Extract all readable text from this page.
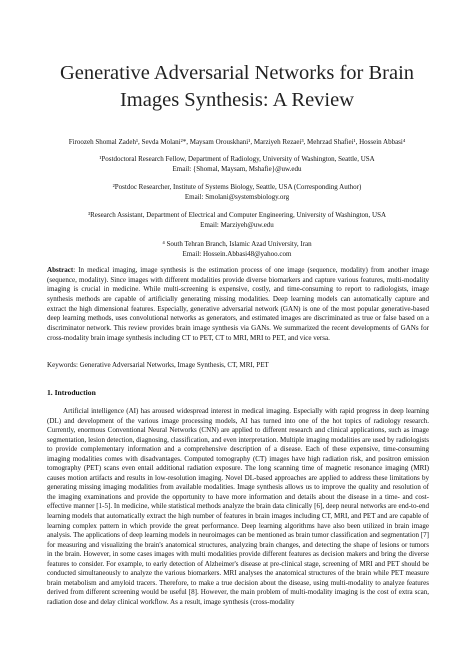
Generative Adversarial Networks for Brain
Images Synthesis: A Review
Firoozeh Shomal Zadeh¹, Sevda Molani²*, Maysam Orouskhani¹, Marziyeh Rezaei³, Mehrzad Shafiei¹, Hossein Abbasi⁴
¹Postdoctoral Research Fellow, Department of Radiology, University of Washington, Seattle, USA
Email: {Shomal, Maysam, Mshafie}@uw.edu
²Postdoc Researcher, Institute of Systems Biology, Seattle, USA (Corresponding Author)
Email: Smolani@systemsbiology.org
³Research Assistant, Department of Electrical and Computer Engineering, University of Washington, USA
Email: Marziyeh@uw.edu
⁴ South Tehran Branch, Islamic Azad University, Iran
Email: Hossein.Abbasi48@yahoo.com
Abstract: In medical imaging, image synthesis is the estimation process of one image (sequence, modality) from another image (sequence, modality). Since images with different modalities provide diverse biomarkers and capture various features, multi-modality imaging is crucial in medicine. While multi-screening is expensive, costly, and time-consuming to report to radiologists, image synthesis methods are capable of artificially generating missing modalities. Deep learning models can automatically capture and extract the high dimensional features. Especially, generative adversarial network (GAN) is one of the most popular generative-based deep learning methods, uses convolutional networks as generators, and estimated images are discriminated as true or false based on a discriminator network. This review provides brain image synthesis via GANs. We summarized the recent developments of GANs for cross-modality brain image synthesis including CT to PET, CT to MRI, MRI to PET, and vice versa.
Keywords: Generative Adversarial Networks, Image Synthesis, CT, MRI, PET
1. Introduction

Artificial intelligence (AI) has aroused widespread interest in medical imaging. Especially with rapid progress in deep learning (DL) and development of the various image processing models, AI has turned into one of the hot topics of radiology research. Currently, enormous Conventional Neural Networks (CNN) are applied to different research and clinical applications, such as image segmentation, lesion detection, diagnosing, classification, and even interpretation. Multiple imaging modalities are used by radiologists to provide complementary information and a comprehensive description of a disease. Each of these expensive, time-consuming imaging modalities comes with disadvantages. Computed tomography (CT) images have high radiation risk, and positron emission tomography (PET) scans even entail additional radiation exposure. The long scanning time of magnetic resonance imaging (MRI) causes motion artifacts and results in low-resolution imaging. Novel DL-based approaches are applied to address these limitations by generating missing imaging modalities from available modalities. Image synthesis allows us to improve the quality and resolution of the imaging examinations and provide the opportunity to have more information and details about the disease in a time- and cost-effective manner [1-5]. In medicine, while statistical methods analyze the brain data clinically [6], deep neural networks are end-to-end learning models that automatically extract the high number of features in brain images including CT, MRI, and PET and are capable of learning complex pattern in which provide the great performance. Deep learning algorithms have also been utilized in brain image analysis. The applications of deep learning models in neuroimages can be mentioned as brain tumor classification and segmentation [7] for measuring and visualizing the brain's anatomical structures, analyzing brain changes, and detecting the shape of lesions or tumors in the brain. However, in some cases images with multi modalities provide different features as decision makers and bring the diverse features to consider. For example, to early detection of Alzheimer's disease at pre-clinical stage, screening of MRI and PET should be conducted simultaneously to analyze the various biomarkers. MRI analyses the anatomical structures of the brain while PET measure brain metabolism and amyloid tracers. Therefore, to make a true decision about the disease, using multi-modality to analyze features derived from different screening would be useful [8]. However, the main problem of multi-modality imaging is the cost of extra scan, radiation dose and delay clinical workflow. As a result, image synthesis (cross-modality
